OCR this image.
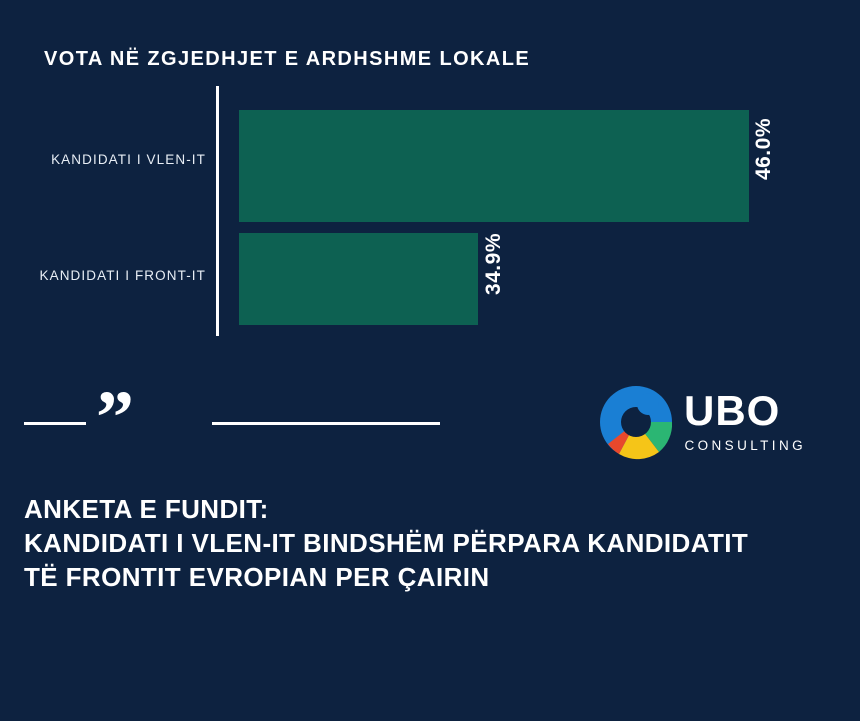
VOTA NË ZGJEDHJET E ARDHSHME LOKALE
KANDIDATI I VLEN-IT	46.0%
KANDIDATI I FRONT-IT	34.9%
”	UBO
CONSULTING
ANKETA E FUNDIT:
KANDIDATI I VLEN-IT BINDSHËM PËRPARA KANDIDATIT
TË FRONTIT EVROPIAN PER ÇAIRIN
